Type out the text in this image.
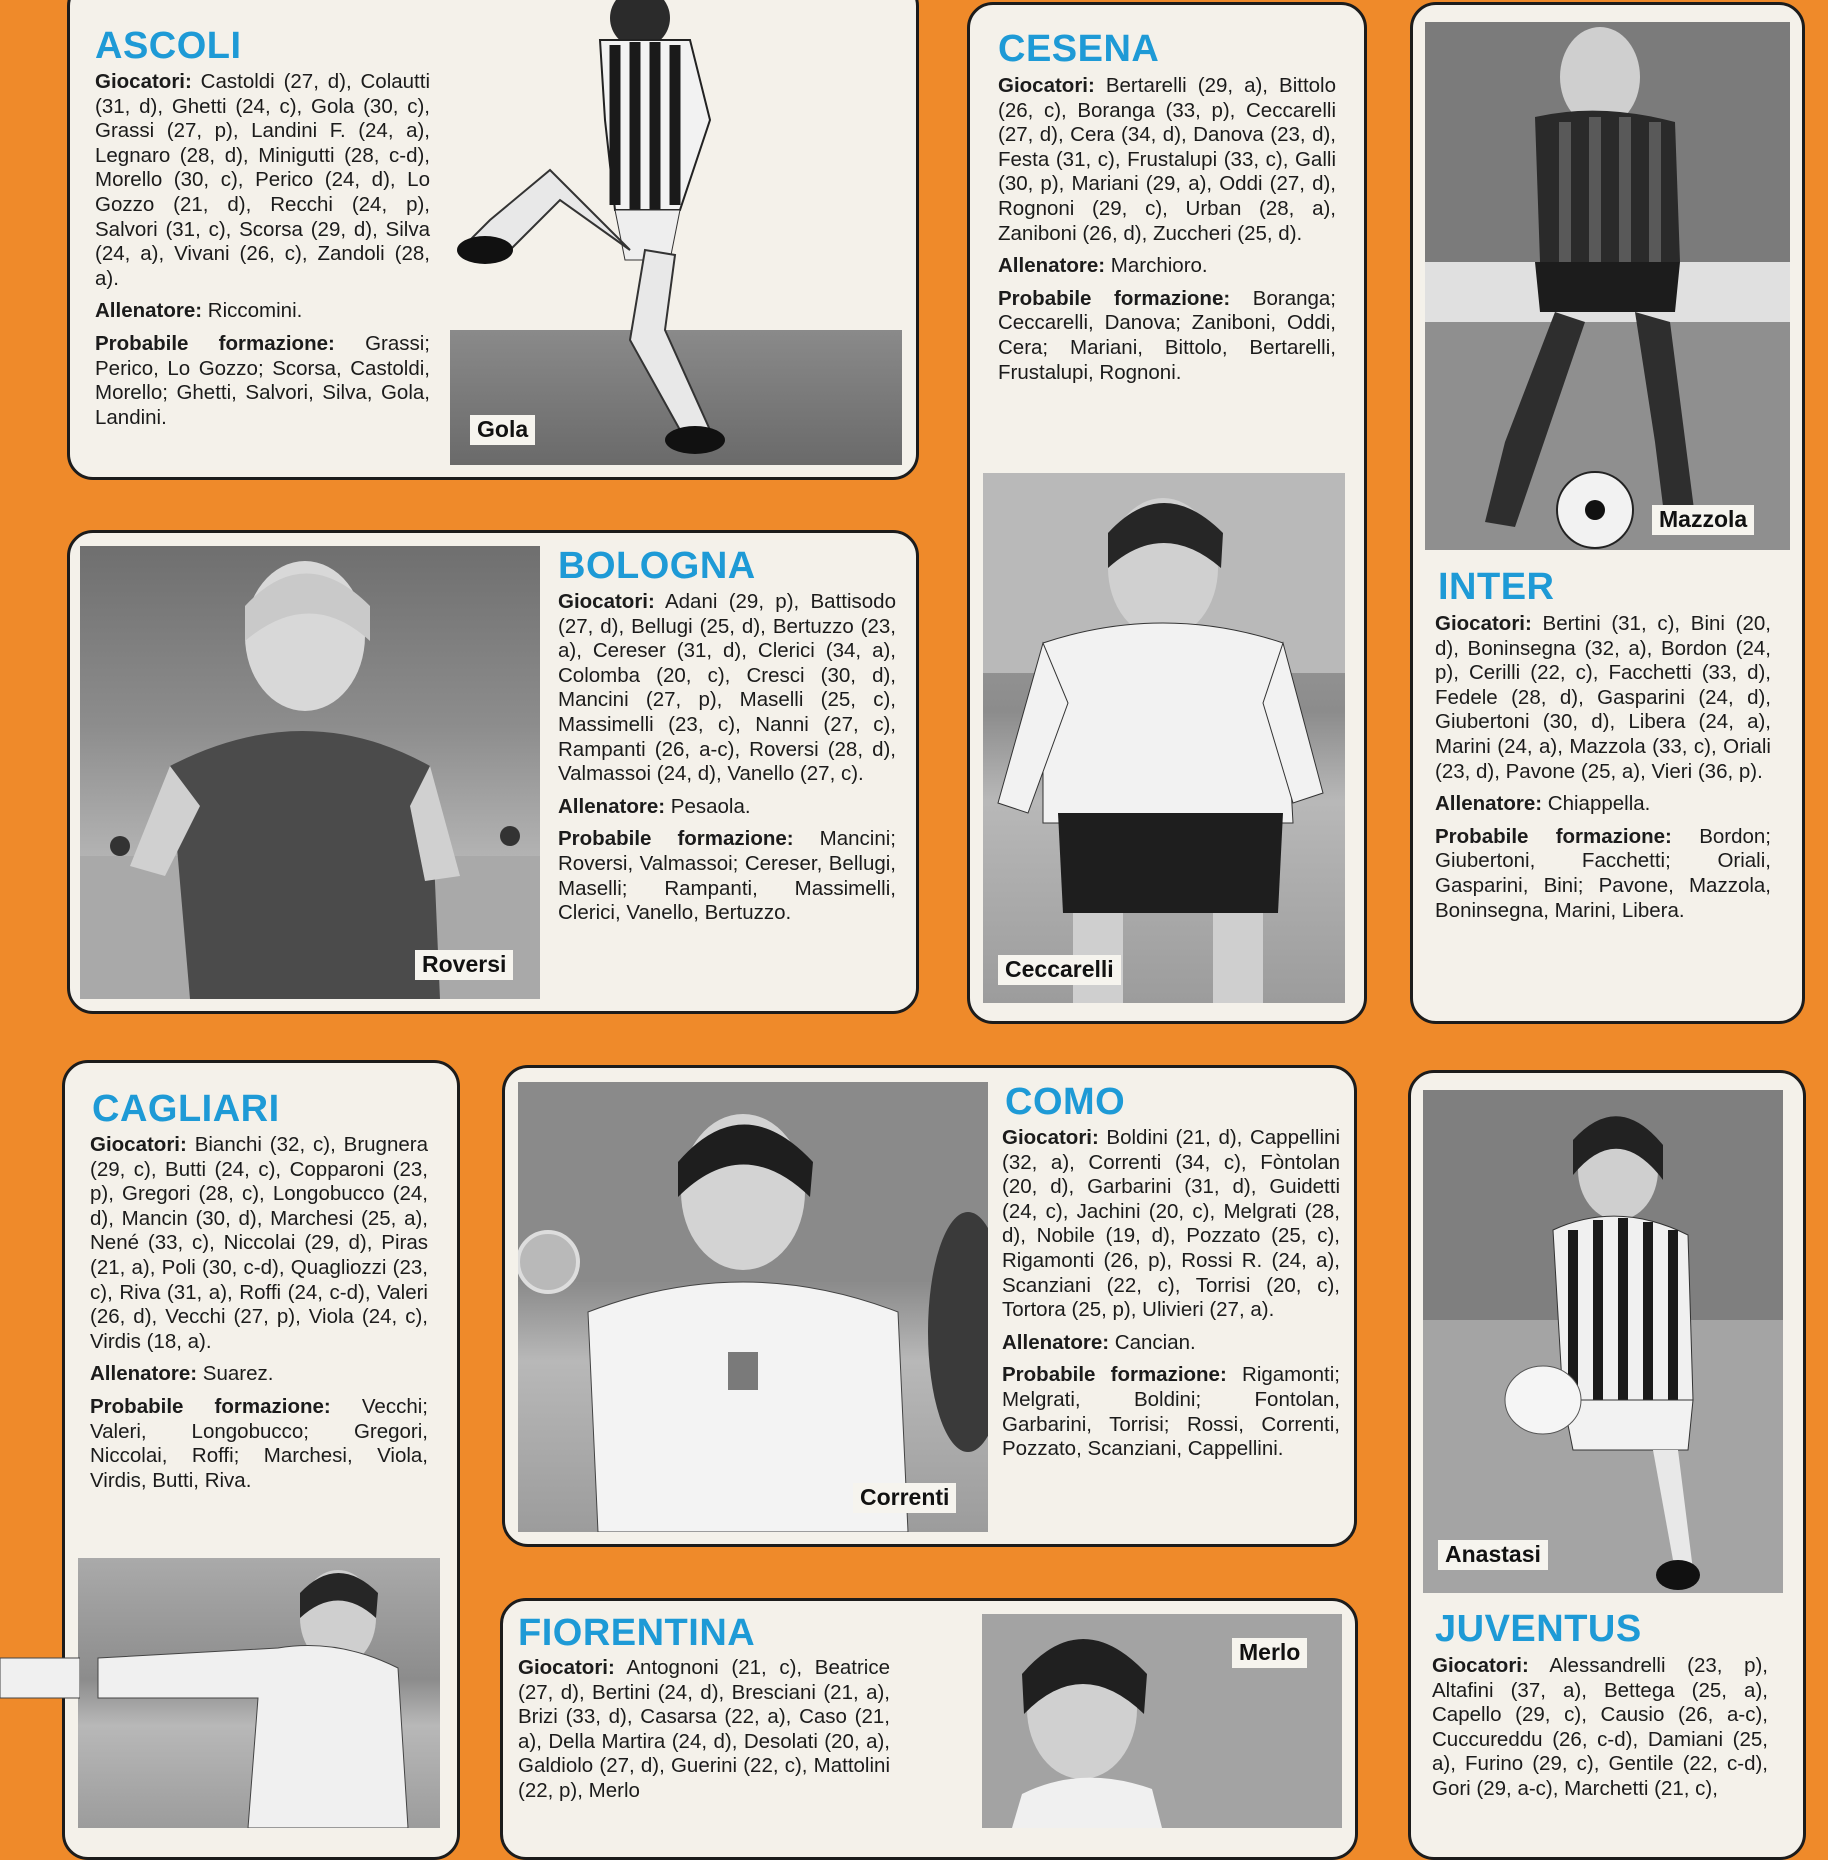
ASCOLI

Giocatori: Castoldi (27, d), Colautti (31, d), Ghetti (24, c), Gola (30, c), Grassi (27, p), Landini F. (24, a), Legnaro (28, d), Minigutti (28, c-d), Morello (30, c), Perico (24, d), Lo Gozzo (21, d), Recchi (24, p), Salvori (31, c), Scorsa (29, d), Silva (24, a), Vivani (26, c), Zandoli (28, a).

Allenatore: Riccomini.

Probabile formazione: Grassi; Perico, Lo Gozzo; Scorsa, Castoldi, Morello; Ghetti, Salvori, Silva, Gola, Landini.	Gola
Roversi
BOLOGNA

Giocatori: Adani (29, p), Battisodo (27, d), Bellugi (25, d), Bertuzzo (23, a), Cereser (31, d), Clerici (34, a), Colomba (20, c), Cresci (30, d), Mancini (27, p), Maselli (25, c), Massimelli (23, c), Nanni (27, c), Rampanti (26, a-c), Roversi (28, d), Valmassoi (24, d), Vanello (27, c).

Allenatore: Pesaola.

Probabile formazione: Mancini; Roversi, Valmassoi; Cereser, Bellugi, Maselli; Rampanti, Massimelli, Clerici, Vanello, Bertuzzo.

CESENA

Giocatori: Bertarelli (29, a), Bittolo (26, c), Boranga (33, p), Ceccarelli (27, d), Cera (34, d), Danova (23, d), Festa (31, c), Frustalupi (33, c), Galli (30, p), Mariani (29, a), Oddi (27, d), Rognoni (29, c), Urban (28, a), Zaniboni (26, d), Zuccheri (25, d).

Allenatore: Marchioro.

Probabile formazione: Boranga; Ceccarelli, Danova; Zaniboni, Oddi, Cera; Mariani, Bittolo, Bertarelli, Frustalupi, Rognoni.

Ceccarelli
Mazzola
INTER

Giocatori: Bertini (31, c), Bini (20, d), Boninsegna (32, a), Bordon (24, p), Cerilli (22, c), Facchetti (33, d), Fedele (28, d), Gasparini (24, d), Giubertoni (30, d), Libera (24, a), Marini (24, a), Mazzola (33, c), Oriali (23, d), Pavone (25, a), Vieri (36, p).

Allenatore: Chiappella.

Probabile formazione: Bordon; Giubertoni, Facchetti; Oriali, Gasparini, Bini; Pavone, Mazzola, Boninsegna, Marini, Libera.

CAGLIARI

Giocatori: Bianchi (32, c), Brugnera (29, c), Butti (24, c), Copparoni (23, p), Gregori (28, c), Longobucco (24, d), Mancin (30, d), Marchesi (25, a), Nené (33, c), Niccolai (29, d), Piras (21, a), Poli (30, c-d), Quagliozzi (23, c), Riva (31, a), Roffi (24, c-d), Valeri (26, d), Vecchi (27, p), Viola (24, c), Virdis (18, a).

Allenatore: Suarez.

Probabile formazione: Vecchi; Valeri, Longobucco; Gregori, Niccolai, Roffi; Marchesi, Viola, Virdis, Butti, Riva.

Correnti
COMO

Giocatori: Boldini (21, d), Cappellini (32, a), Correnti (34, c), Fòntolan (20, d), Garbarini (31, d), Guidetti (24, c), Jachini (20, c), Melgrati (28, d), Nobile (19, d), Pozzato (25, c), Rigamonti (26, p), Rossi R. (24, a), Scanziani (22, c), Torrisi (20, c), Tortora (25, p), Ulivieri (27, a).

Allenatore: Cancian.

Probabile formazione: Rigamonti; Melgrati, Boldini; Fontolan, Garbarini, Torrisi; Rossi, Correnti, Pozzato, Scanziani, Cappellini.

Anastasi
JUVENTUS

Giocatori: Alessandrelli (23, p), Altafini (37, a), Bettega (25, a), Capello (29, c), Causio (26, a-c), Cuccureddu (26, c-d), Damiani (25, a), Furino (29, c), Gentile (22, c-d), Gori (29, a-c), Marchetti (21, c),

FIORENTINA

Giocatori: Antognoni (21, c), Beatrice (27, d), Bertini (24, d), Bresciani (21, a), Brizi (33, d), Casarsa (22, a), Caso (21, a), Della Martira (24, d), Desolati (20, a), Galdiolo (27, d), Guerini (22, c), Mattolini (22, p), Merlo

Merlo
